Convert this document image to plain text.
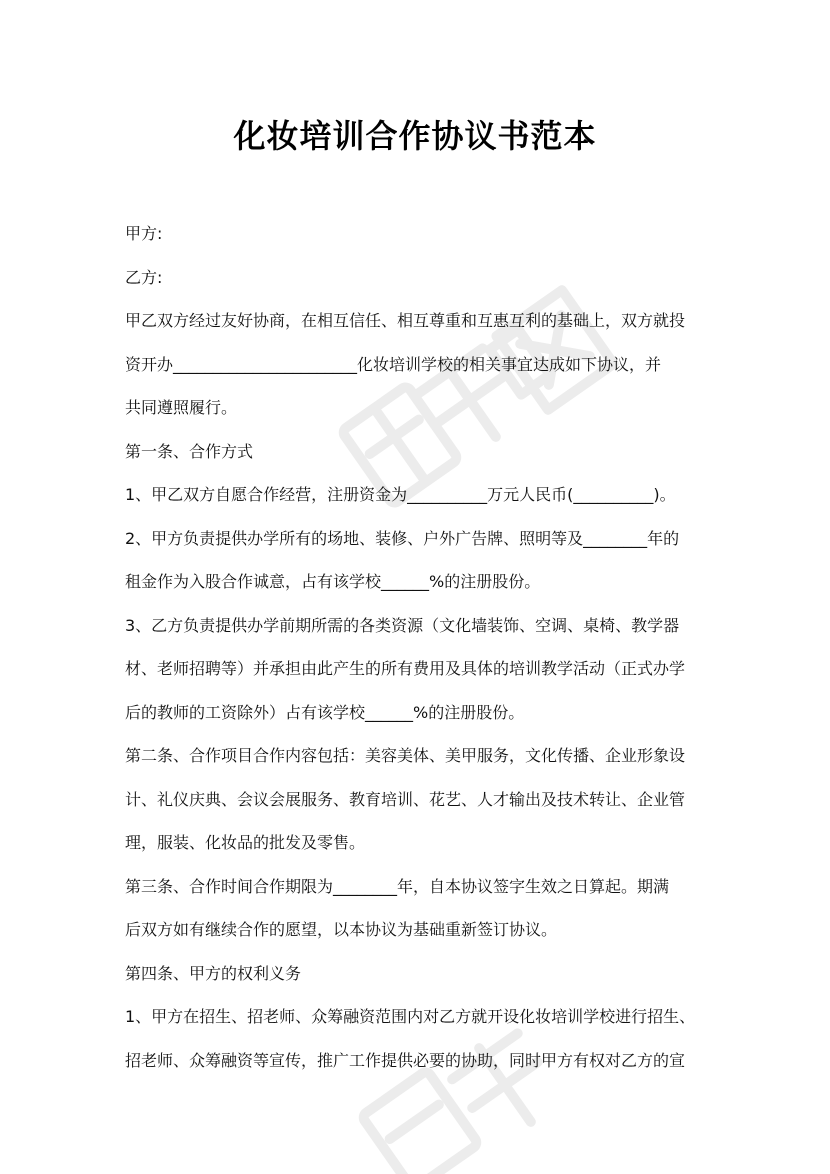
化妆培训合作协议书范本

甲方:

乙方:

甲乙双方经过友好协商，在相互信任、相互尊重和互惠互利的基础上，双方就投

资开办_______________________化妆培训学校的相关事宜达成如下协议，并

共同遵照履行。

第一条、合作方式

1、甲乙双方自愿合作经营，注册资金为__________万元人民币(__________)。

2、甲方负责提供办学所有的场地、装修、户外广告牌、照明等及________年的

租金作为入股合作诚意，占有该学校______%的注册股份。

3、乙方负责提供办学前期所需的各类资源（文化墙装饰、空调、桌椅、教学器

材、老师招聘等）并承担由此产生的所有费用及具体的培训教学活动（正式办学

后的教师的工资除外）占有该学校______%的注册股份。

第二条、合作项目合作内容包括：美容美体、美甲服务，文化传播、企业形象设

计、礼仪庆典、会议会展服务、教育培训、花艺、人才输出及技术转让、企业管

理，服装、化妆品的批发及零售。

第三条、合作时间合作期限为________年，自本协议签字生效之日算起。期满

后双方如有继续合作的愿望，以本协议为基础重新签订协议。

第四条、甲方的权利义务

1、甲方在招生、招老师、众筹融资范围内对乙方就开设化妆培训学校进行招生、

招老师、众筹融资等宣传，推广工作提供必要的协助，同时甲方有权对乙方的宣
